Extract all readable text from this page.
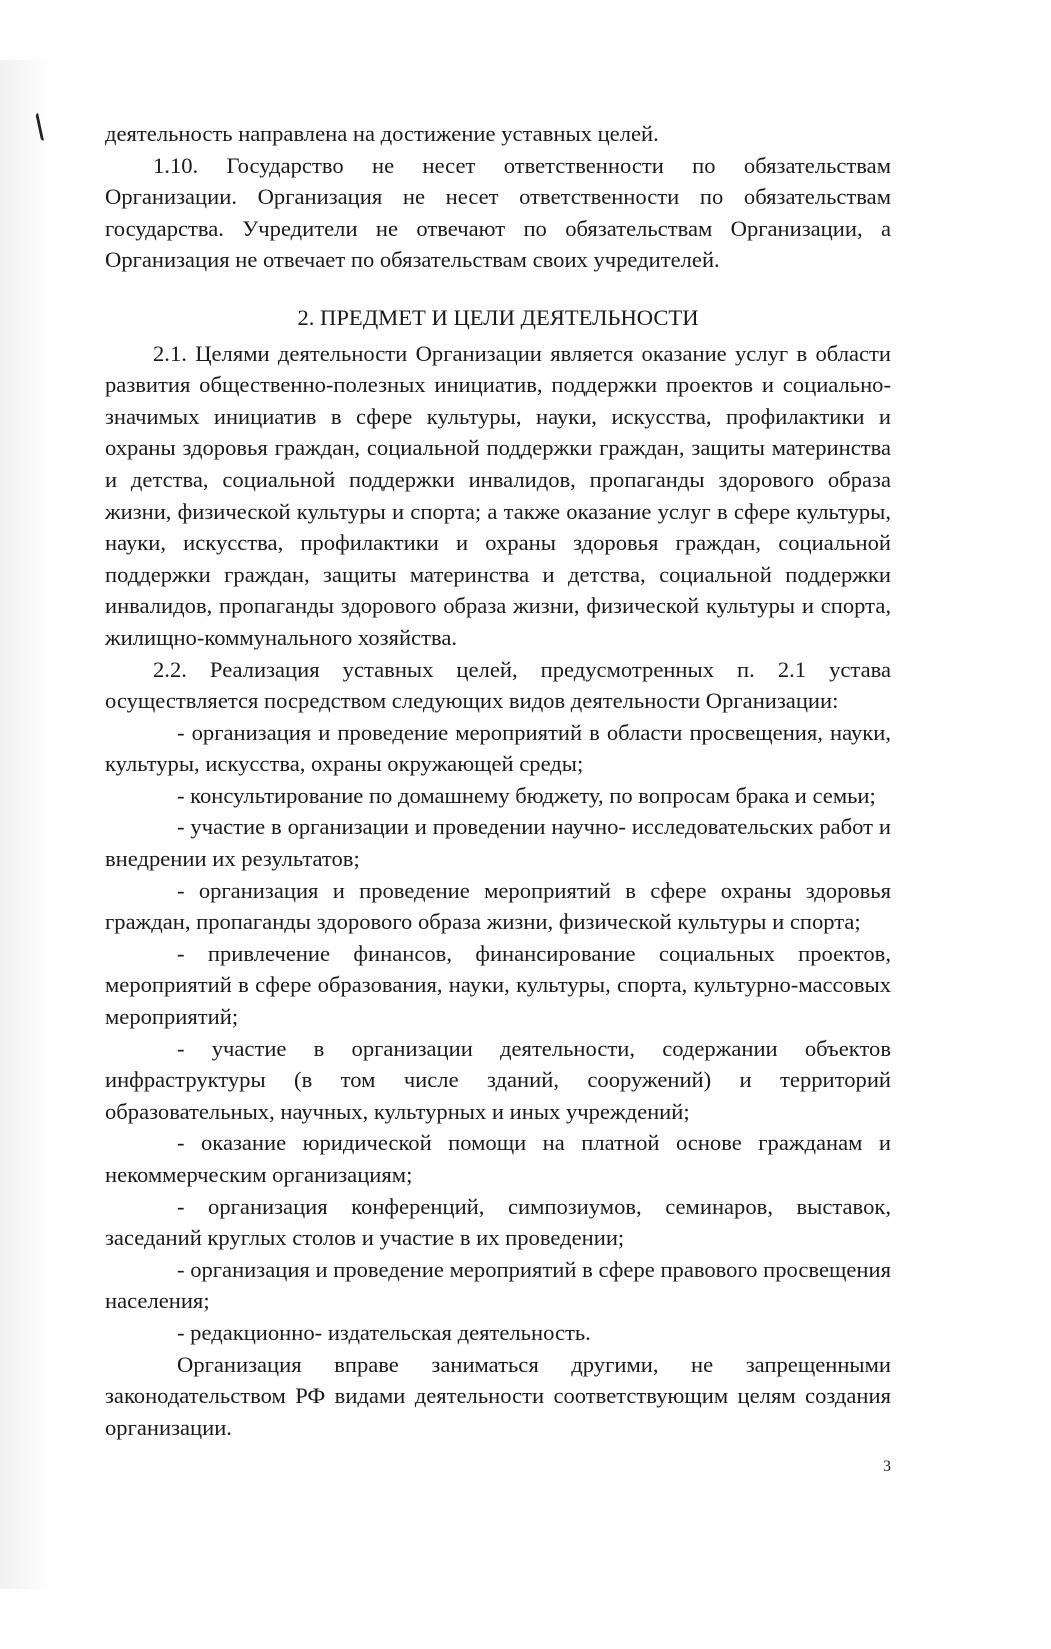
деятельность направлена на достижение уставных целей.

1.10. Государство не несет ответственности по обязательствам Организации. Организация не несет ответственности по обязательствам государства. Учредители не отвечают по обязательствам Организации, а Организация не отвечает по обязательствам своих учредителей.

2. ПРЕДМЕТ И ЦЕЛИ ДЕЯТЕЛЬНОСТИ

2.1. Целями деятельности Организации является оказание услуг в области развития общественно-полезных инициатив, поддержки проектов и социально- значимых инициатив в сфере культуры, науки, искусства, профилактики и охраны здоровья граждан, социальной поддержки граждан, защиты материнства и детства, социальной поддержки инвалидов, пропаганды здорового образа жизни, физической культуры и спорта; а также оказание услуг в сфере культуры, науки, искусства, профилактики и охраны здоровья граждан, социальной поддержки граждан, защиты материнства и детства, социальной поддержки инвалидов, пропаганды здорового образа жизни, физической культуры и спорта, жилищно-коммунального хозяйства.

2.2. Реализация уставных целей, предусмотренных п. 2.1 устава осуществляется посредством следующих видов деятельности Организации:

- организация и проведение мероприятий в области просвещения, науки, культуры, искусства, охраны окружающей среды;

- консультирование по домашнему бюджету, по вопросам брака и семьи;

- участие в организации и проведении научно- исследовательских работ и внедрении их результатов;

- организация и проведение мероприятий в сфере охраны здоровья граждан, пропаганды здорового образа жизни, физической культуры и спорта;

- привлечение финансов, финансирование социальных проектов, мероприятий в сфере образования, науки, культуры, спорта, культурно-массовых мероприятий;

- участие в организации деятельности, содержании объектов инфраструктуры (в том числе зданий, сооружений) и территорий образовательных, научных, культурных и иных учреждений;

- оказание юридической помощи на платной основе гражданам и некоммерческим организациям;

- организация конференций, симпозиумов, семинаров, выставок, заседаний круглых столов и участие в их проведении;

- организация и проведение мероприятий в сфере правового просвещения населения;

- редакционно- издательская деятельность.

Организация вправе заниматься другими, не запрещенными законодательством РФ видами деятельности соответствующим целям создания организации.

3
